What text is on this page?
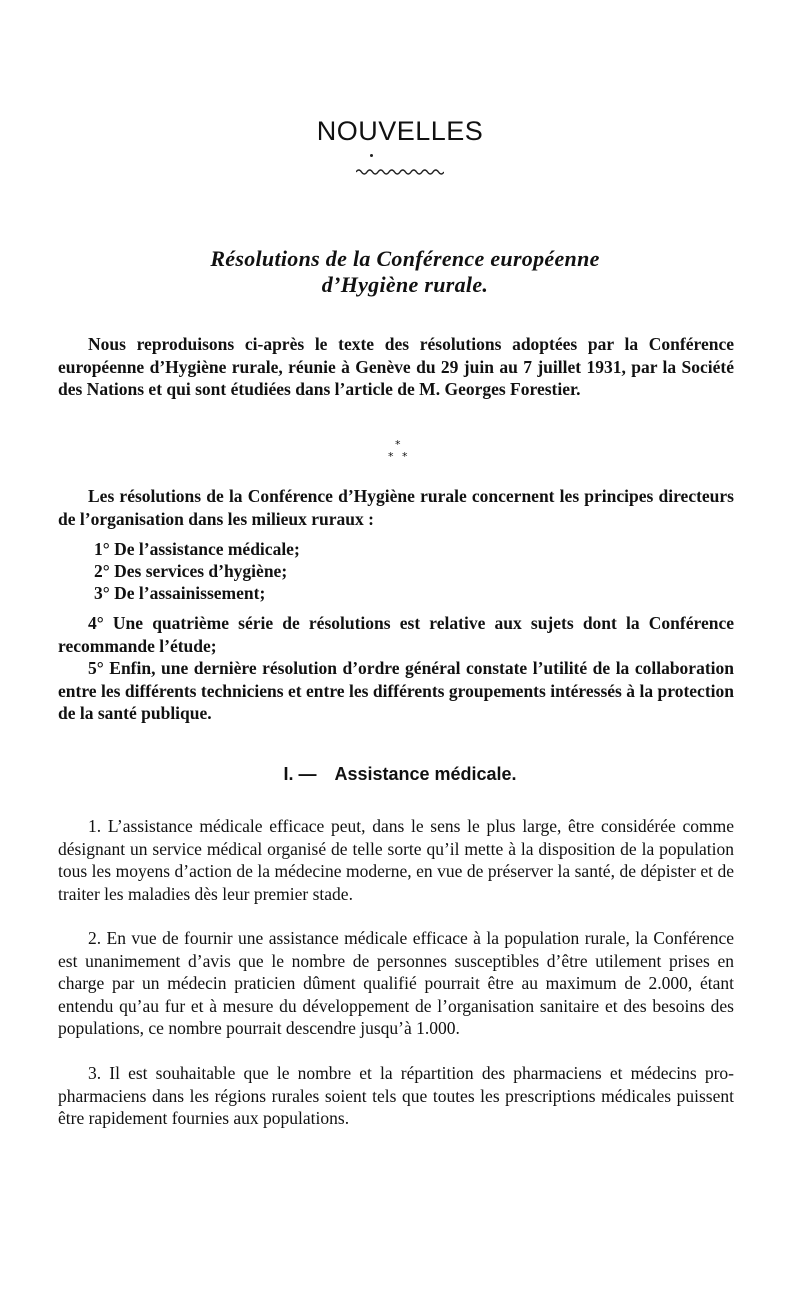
NOUVELLES
Résolutions de la Conférence européenne
d’Hygiène rurale.
Nous reproduisons ci-après le texte des résolutions adoptées par la Conférence européenne d’Hygiène rurale, réunie à Genève du 29 juin au 7 juillet 1931, par la Société des Nations et qui sont étudiées dans l’article de M. Georges Forestier.
*
* *
Les résolutions de la Conférence d’Hygiène rurale concernent les principes directeurs de l’organisation dans les milieux ruraux :
1° De l’assistance médicale;
2° Des services d’hygiène;
3° De l’assainissement;
4° Une quatrième série de résolutions est relative aux sujets dont la Conférence recommande l’étude;
5° Enfin, une dernière résolution d’ordre général constate l’utilité de la collaboration entre les différents techniciens et entre les différents groupements intéressés à la protection de la santé publique.
I. — Assistance médicale.
1. L’assistance médicale efficace peut, dans le sens le plus large, être considérée comme désignant un service médical organisé de telle sorte qu’il mette à la disposition de la population tous les moyens d’action de la médecine moderne, en vue de préserver la santé, de dépister et de traiter les maladies dès leur premier stade.
2. En vue de fournir une assistance médicale efficace à la population rurale, la Conférence est unanimement d’avis que le nombre de personnes susceptibles d’être utilement prises en charge par un médecin praticien dûment qualifié pourrait être au maximum de 2.000, étant entendu qu’au fur et à mesure du développement de l’organisation sanitaire et des besoins des populations, ce nombre pourrait descendre jusqu’à 1.000.
3. Il est souhaitable que le nombre et la répartition des pharmaciens et médecins pro-pharmaciens dans les régions rurales soient tels que toutes les prescriptions médicales puissent être rapidement fournies aux populations.
